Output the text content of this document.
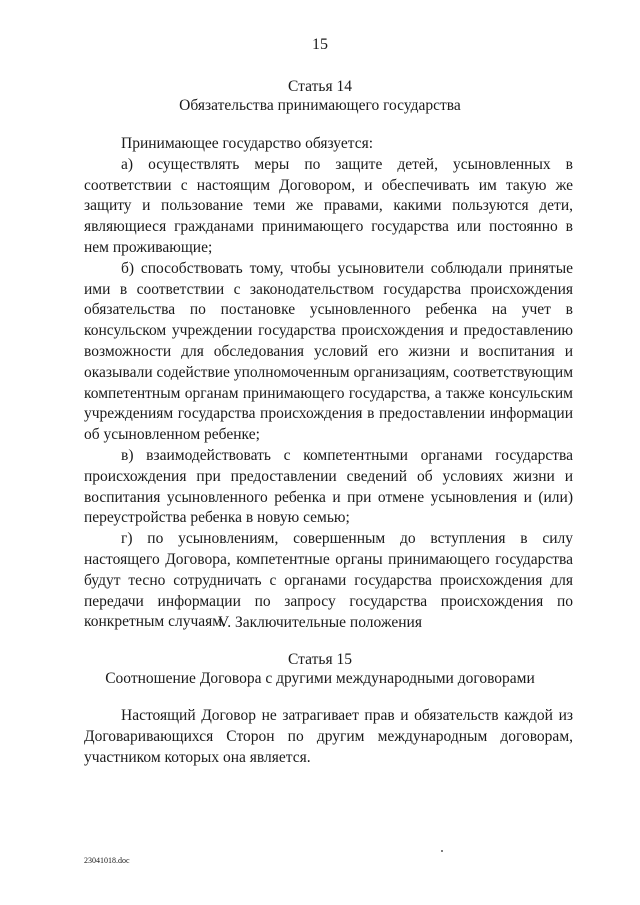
15
Статья 14
Обязательства принимающего государства

Принимающее государство обязуется:

а) осуществлять меры по защите детей, усыновленных в соответствии с настоящим Договором, и обеспечивать им такую же защиту и пользование теми же правами, какими пользуются дети, являющиеся гражданами принимающего государства или постоянно в нем проживающие;

б) способствовать тому, чтобы усыновители соблюдали принятые ими в соответствии с законодательством государства происхождения обязательства по постановке усыновленного ребенка на учет в консульском учреждении государства происхождения и предоставлению возможности для обследования условий его жизни и воспитания и оказывали содействие уполномоченным организациям, соответствующим компетентным органам принимающего государства, а также консульским учреждениям государства происхождения в предоставлении информации об усыновленном ребенке;

в) взаимодействовать с компетентными органами государства происхождения при предоставлении сведений об условиях жизни и воспитания усыновленного ребенка и при отмене усыновления и (или) переустройства ребенка в новую семью;

г) по усыновлениям, совершенным до вступления в силу настоящего Договора, компетентные органы принимающего государства будут тесно сотрудничать с органами государства происхождения для передачи информации по запросу государства происхождения по конкретным случаям.

V. Заключительные положения
Статья 15
Соотношение Договора с другими международными договорами

Настоящий Договор не затрагивает прав и обязательств каждой из Договаривающихся Сторон по другим международным договорам, участником которых она является.

23041018.doc
